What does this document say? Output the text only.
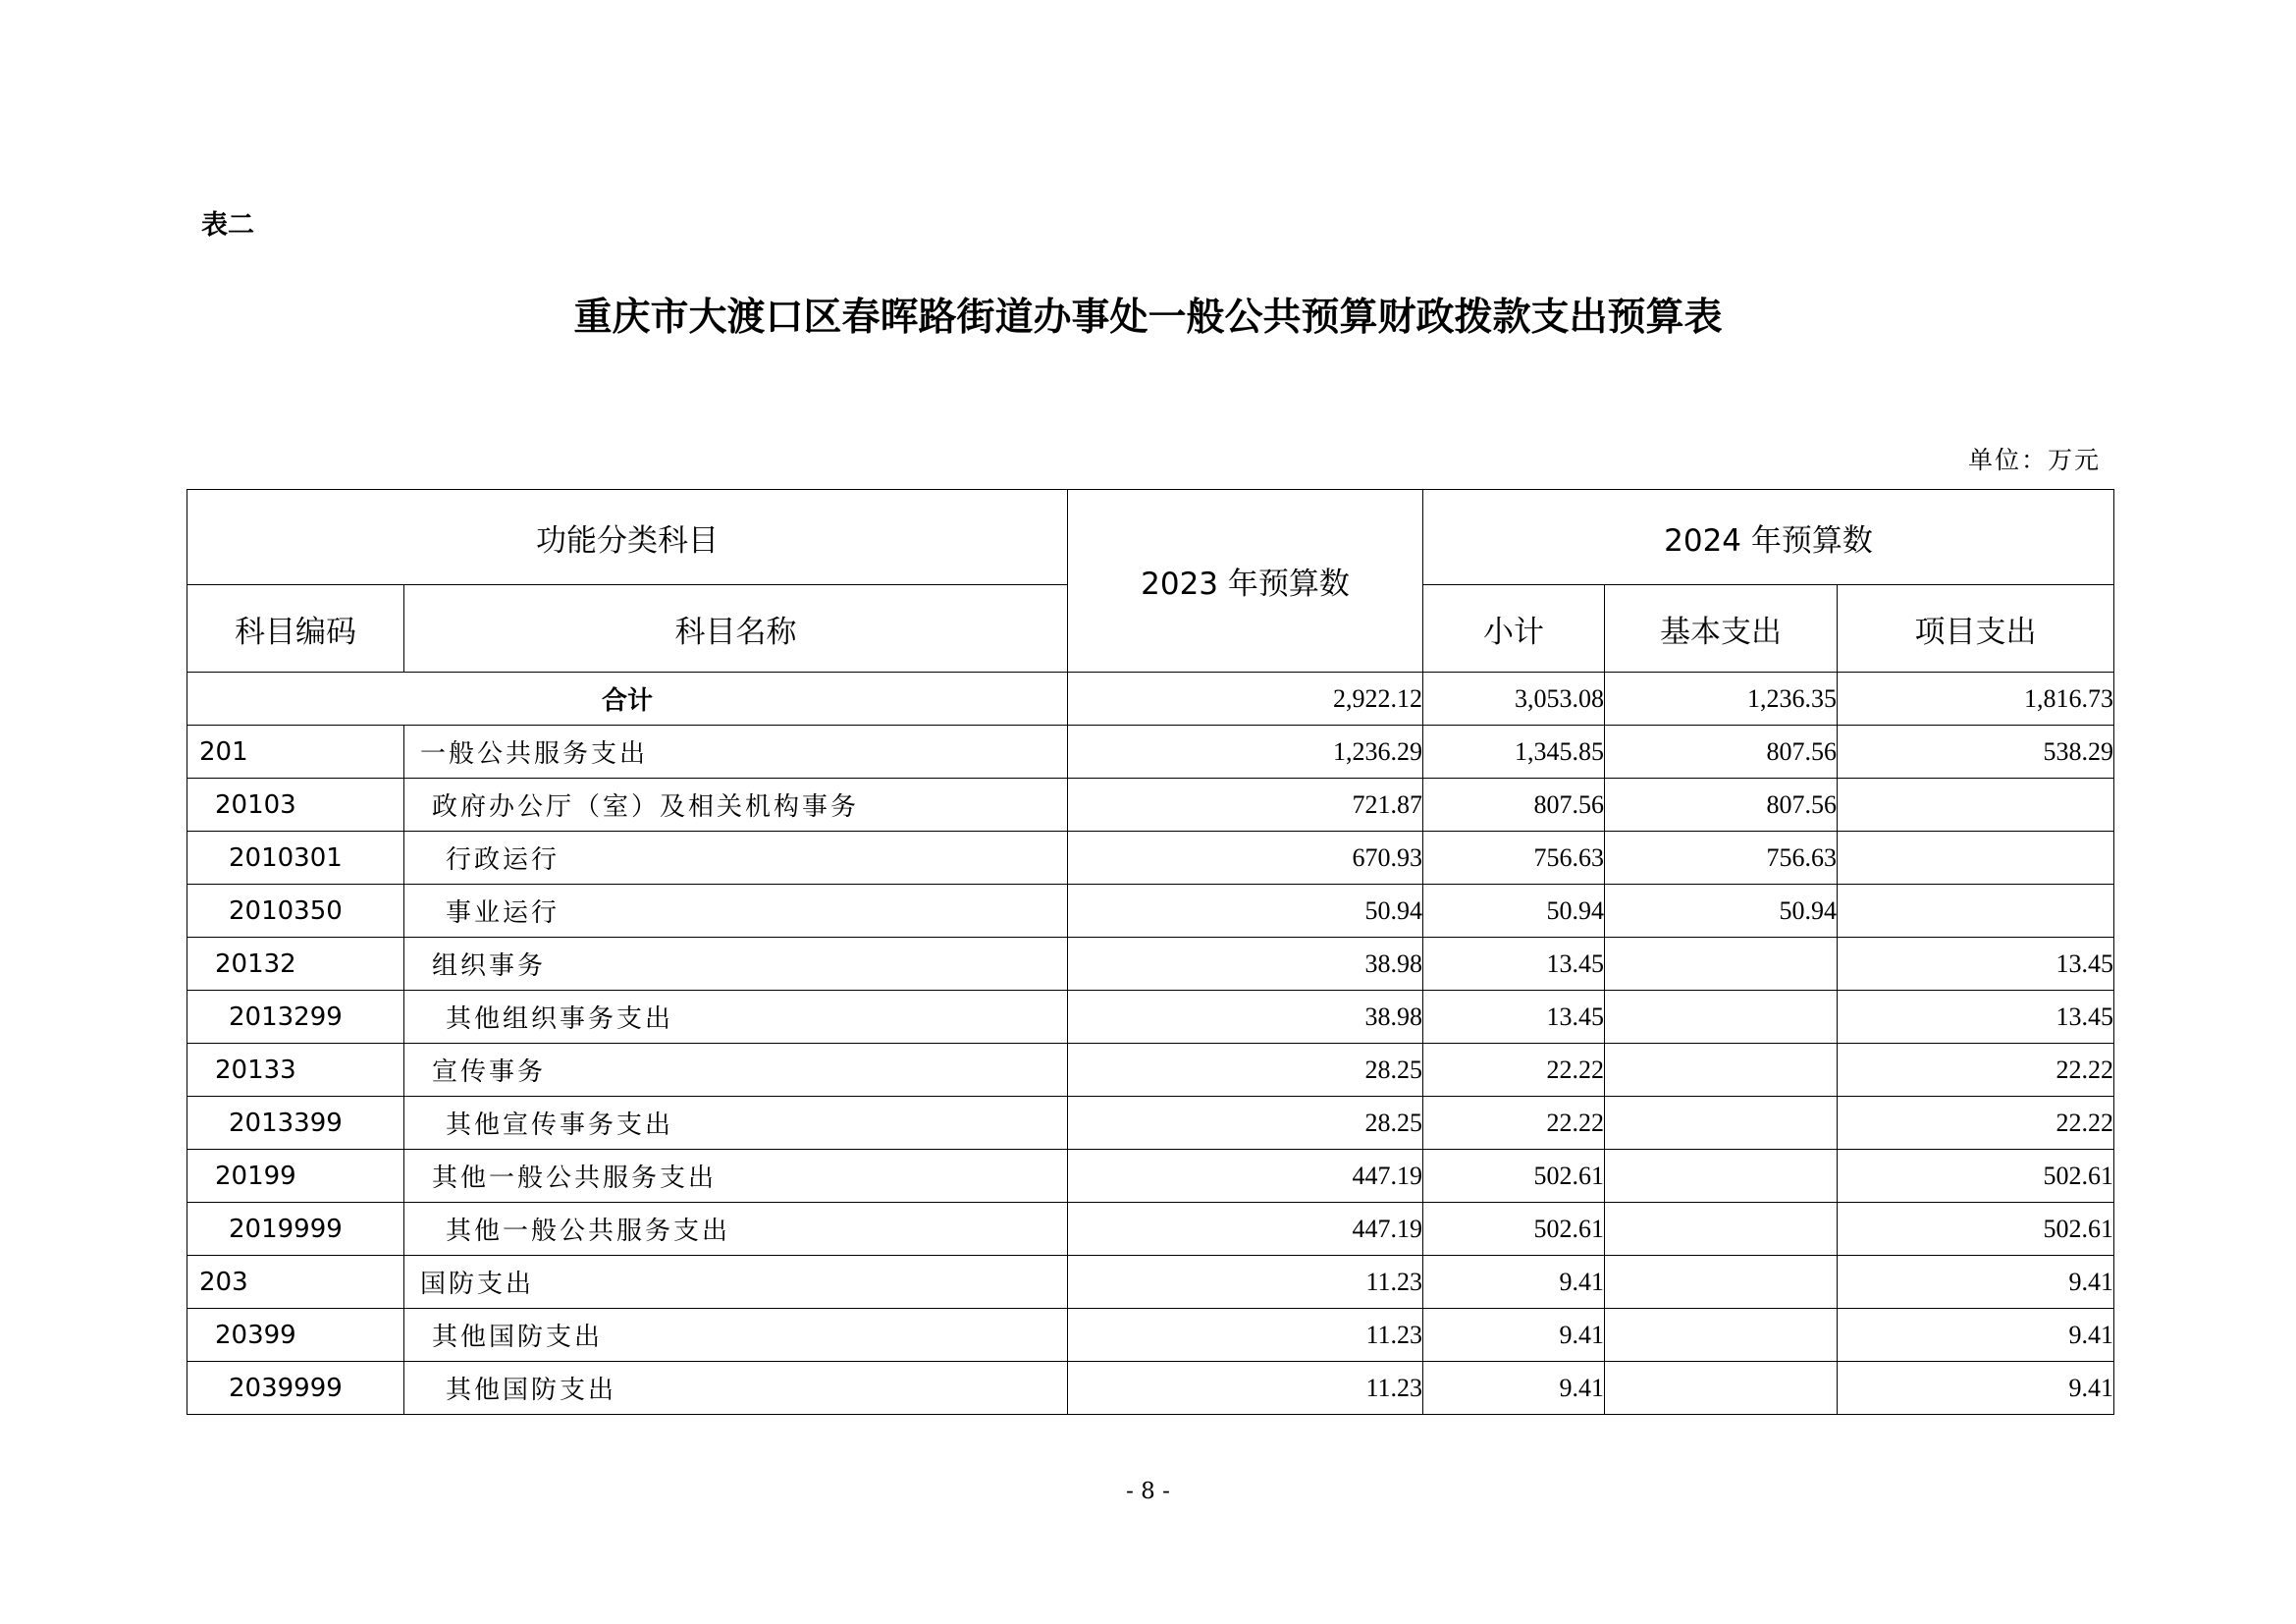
表二
重庆市大渡口区春晖路街道办事处一般公共预算财政拨款支出预算表
单位：万元
功能分类科目		2023 年预算数	2024 年预算数		
科目编码	科目名称		小计	基本支出	项目支出
合计		2,922.12	3,053.08	1,236.35	1,816.73
201	一般公共服务支出	1,236.29	1,345.85	807.56	538.29
20103	政府办公厅（室）及相关机构事务	721.87	807.56	807.56	
2010301	行政运行	670.93	756.63	756.63	
2010350	事业运行	50.94	50.94	50.94	
20132	组织事务	38.98	13.45		13.45
2013299	其他组织事务支出	38.98	13.45		13.45
20133	宣传事务	28.25	22.22		22.22
2013399	其他宣传事务支出	28.25	22.22		22.22
20199	其他一般公共服务支出	447.19	502.61		502.61
2019999	其他一般公共服务支出	447.19	502.61		502.61
203	国防支出	11.23	9.41		9.41
20399	其他国防支出	11.23	9.41		9.41
2039999	其他国防支出	11.23	9.41		9.41
- 8 -
